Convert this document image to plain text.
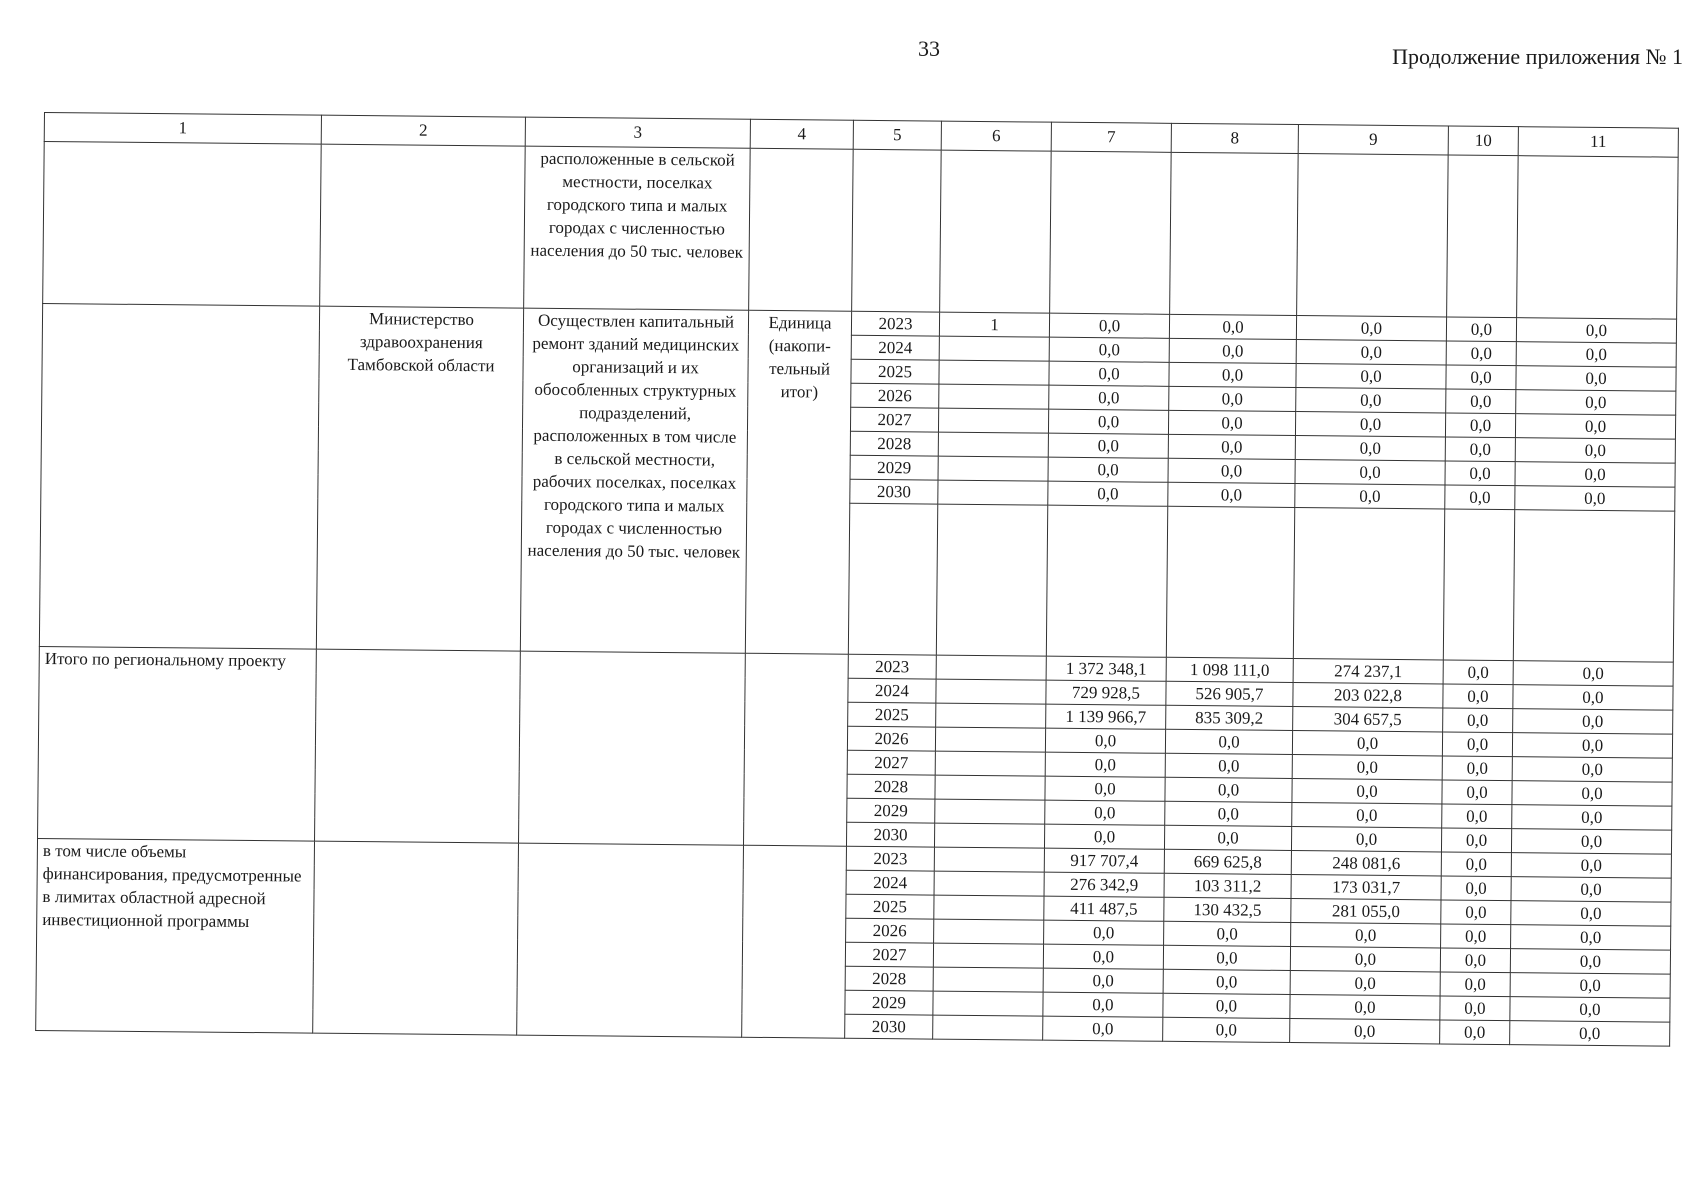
33	Продолжение приложения № 1
1	2	3	4	5	6	7	8	9	10	11
		расположенные в сельской местности, поселках городского типа и малых городах с численностью населения до 50 тыс. человек								
	Министерство здравоохранения Тамбовской области	Осуществлен капитальный ремонт зданий медицинских организаций и их обособленных структурных подразделений, расположенных в том числе в сельской местности, рабочих поселках, поселках городского типа и малых городах с численностью населения до 50 тыс. человек	Единица (накопи-тельный итог)	2023	1	0,0	0,0	0,0	0,0	0,0
				2024		0,0	0,0	0,0	0,0	0,0
				2025		0,0	0,0	0,0	0,0	0,0
				2026		0,0	0,0	0,0	0,0	0,0
				2027		0,0	0,0	0,0	0,0	0,0
				2028		0,0	0,0	0,0	0,0	0,0
				2029		0,0	0,0	0,0	0,0	0,0
				2030		0,0	0,0	0,0	0,0	0,0

Итого по региональному проекту				2023		1 372 348,1	1 098 111,0	274 237,1	0,0	0,0
				2024		729 928,5	526 905,7	203 022,8	0,0	0,0
				2025		1 139 966,7	835 309,2	304 657,5	0,0	0,0
				2026		0,0	0,0	0,0	0,0	0,0
				2027		0,0	0,0	0,0	0,0	0,0
				2028		0,0	0,0	0,0	0,0	0,0
				2029		0,0	0,0	0,0	0,0	0,0
				2030		0,0	0,0	0,0	0,0	0,0
в том числе объемы финансирования, предусмотренные в лимитах областной адресной инвестиционной программы				2023		917 707,4	669 625,8	248 081,6	0,0	0,0
				2024		276 342,9	103 311,2	173 031,7	0,0	0,0
				2025		411 487,5	130 432,5	281 055,0	0,0	0,0
				2026		0,0	0,0	0,0	0,0	0,0
				2027		0,0	0,0	0,0	0,0	0,0
				2028		0,0	0,0	0,0	0,0	0,0
				2029		0,0	0,0	0,0	0,0	0,0
				2030		0,0	0,0	0,0	0,0	0,0
